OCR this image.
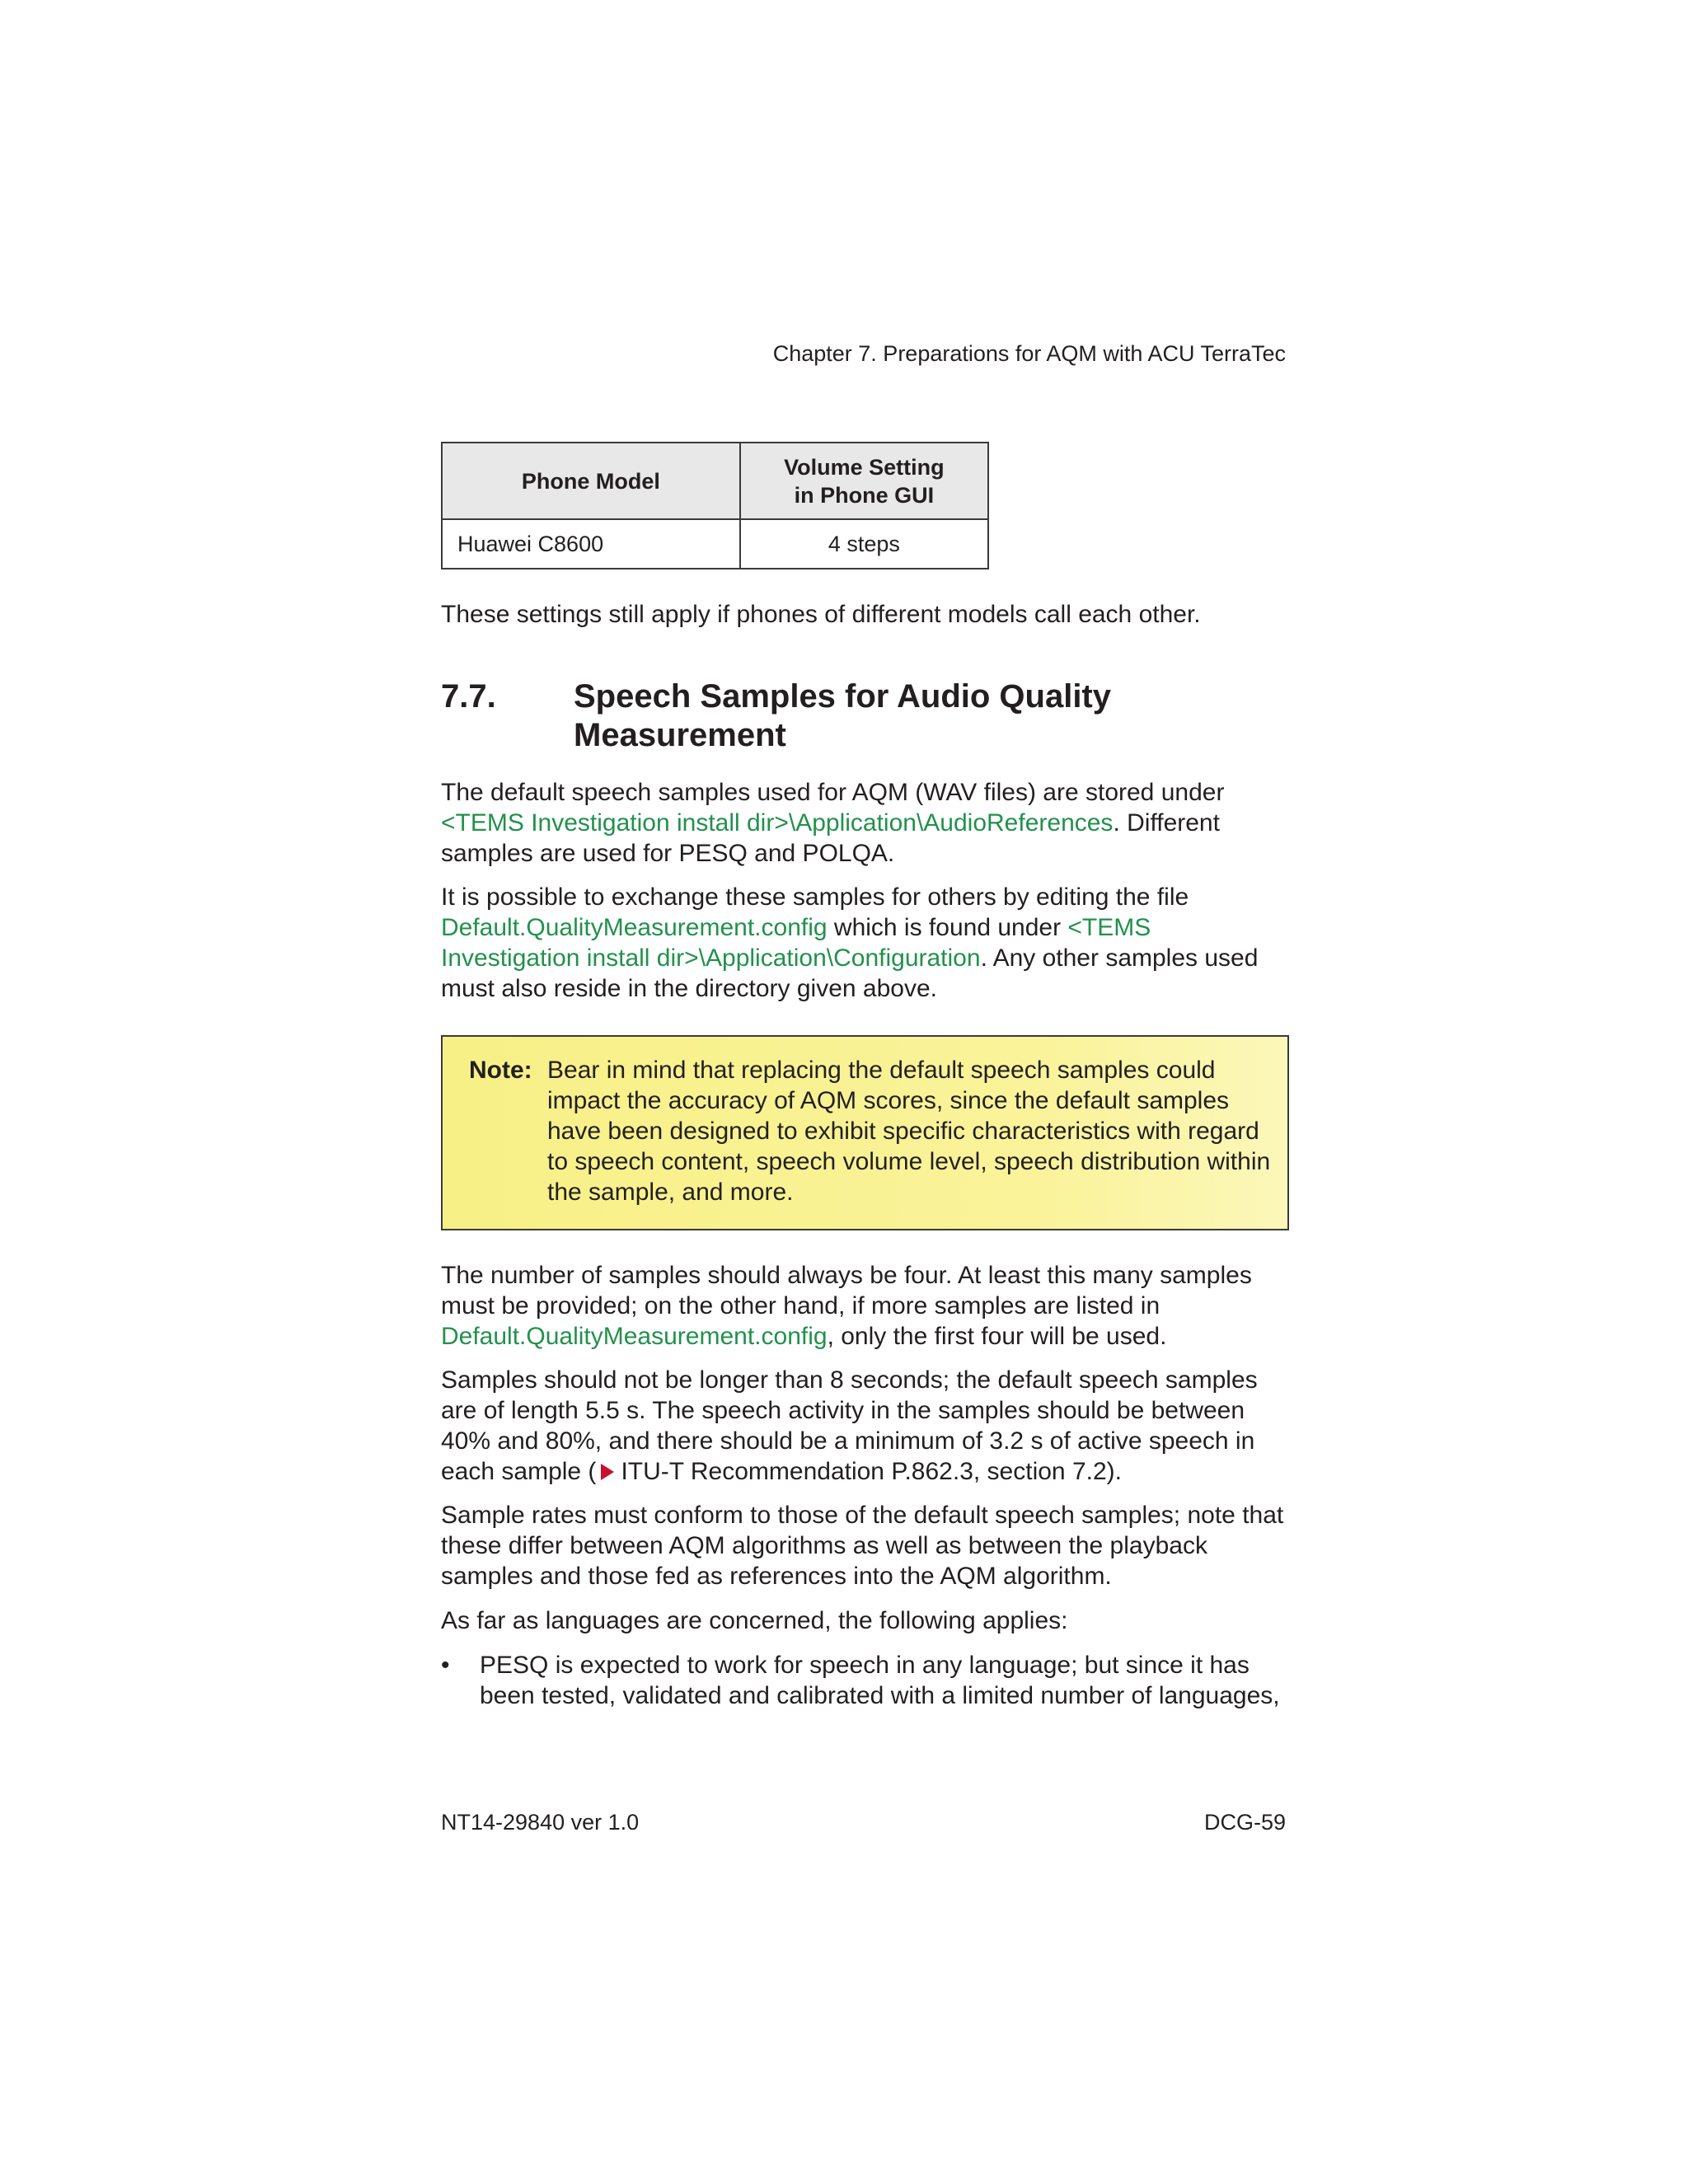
Chapter 7. Preparations for AQM with ACU TerraTec
Phone Model	Volume Setting
in Phone GUI
Huawei C8600	4 steps

These settings still apply if phones of different models call each other.

7.7. Speech Samples for Audio Quality Measurement

The default speech samples used for AQM (WAV files) are stored under <TEMS Investigation install dir>\Application\AudioReferences. Different samples are used for PESQ and POLQA.

It is possible to exchange these samples for others by editing the file Default.QualityMeasurement.config which is found under <TEMS Investigation install dir>\Application\Configuration. Any other samples used must also reside in the directory given above.

Note: Bear in mind that replacing the default speech samples could impact the accuracy of AQM scores, since the default samples have been designed to exhibit specific characteristics with regard to speech content, speech volume level, speech distribution within the sample, and more.

The number of samples should always be four. At least this many samples must be provided; on the other hand, if more samples are listed in Default.QualityMeasurement.config, only the first four will be used.

Samples should not be longer than 8 seconds; the default speech samples are of length 5.5 s. The speech activity in the samples should be between 40% and 80%, and there should be a minimum of 3.2 s of active speech in each sample ( ITU-T Recommendation P.862.3, section 7.2).

Sample rates must conform to those of the default speech samples; note that these differ between AQM algorithms as well as between the playback samples and those fed as references into the AQM algorithm.

As far as languages are concerned, the following applies:

• PESQ is expected to work for speech in any language; but since it has been tested, validated and calibrated with a limited number of languages,
NT14-29840 ver 1.0	DCG-59
